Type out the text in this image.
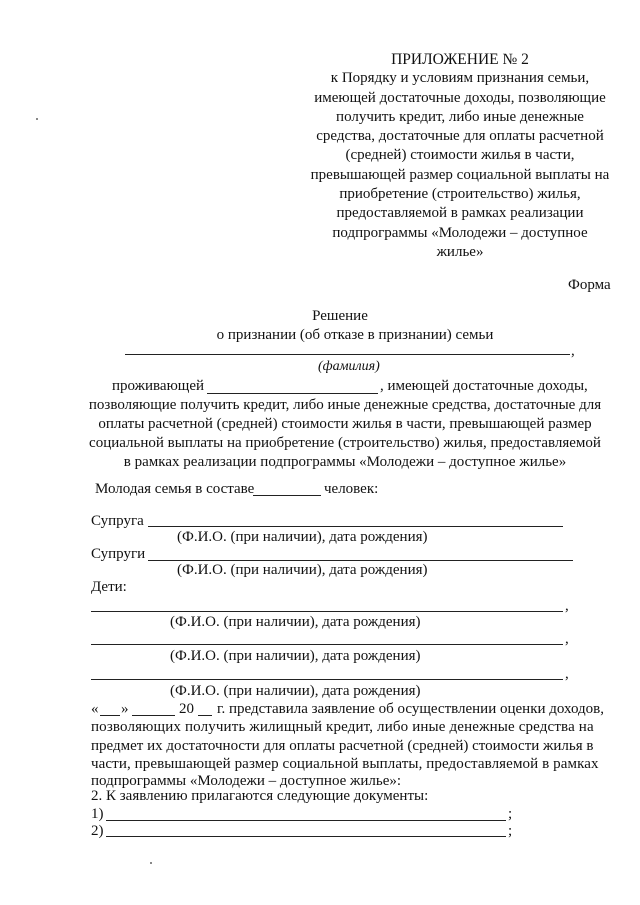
ПРИЛОЖЕНИЕ № 2
к Порядку и условиям признания семьи,
имеющей достаточные доходы, позволяющие
получить кредит, либо иные денежные
средства, достаточные для оплаты расчетной
(средней) стоимости жилья в части,
превышающей размер социальной выплаты на
приобретение (строительство) жилья,
предоставляемой в рамках реализации
подпрограммы «Молодежи – доступное
жилье»
Форма
Решение
о признании (об отказе в признании) семьи
,
(фамилия)
проживающей	, имеющей достаточные доходы,
позволяющие получить кредит, либо иные денежные средства, достаточные для
оплаты расчетной (средней) стоимости жилья в части, превышающей размер
социальной выплаты на приобретение (строительство) жилья, предоставляемой
в рамках реализации подпрограммы «Молодежи – доступное жилье»
Молодая семья в составе	человек:
Супруга
(Ф.И.О. (при наличии), дата рождения)
Супруги
(Ф.И.О. (при наличии), дата рождения)
Дети:
,
(Ф.И.О. (при наличии), дата рождения)
,
(Ф.И.О. (при наличии), дата рождения)
,
(Ф.И.О. (при наличии), дата рождения)
« »	20 г. представила заявление об осуществлении оценки доходов,
позволяющих получить жилищный кредит, либо иные денежные средства на
предмет их достаточности для оплаты расчетной (средней) стоимости жилья в
части, превышающей размер социальной выплаты, предоставляемой в рамках
подпрограммы «Молодежи – доступное жилье»:
2. К заявлению прилагаются следующие документы:
1)	;
2)	;
